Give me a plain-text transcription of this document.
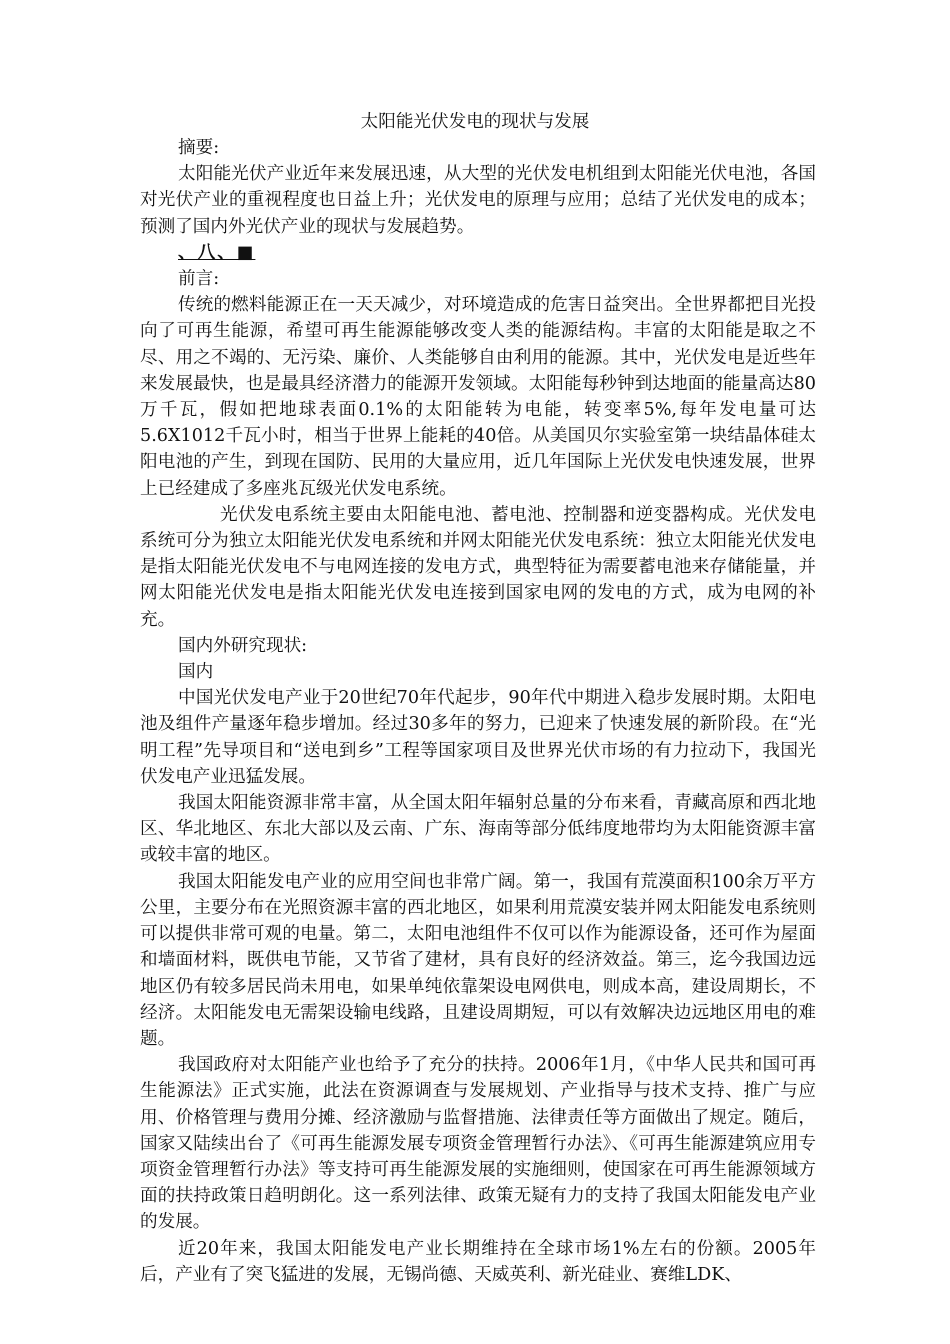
太阳能光伏发电的现状与发展

摘要:

太阳能光伏产业近年来发展迅速，从大型的光伏发电机组到太阳能光伏电池，各国对光伏产业的重视程度也日益上升；光伏发电的原理与应用；总结了光伏发电的成本；预测了国内外光伏产业的现状与发展趋势。

、八、■

前言:

传统的燃料能源正在一天天减少，对环境造成的危害日益突出。全世界都把目光投向了可再生能源，希望可再生能源能够改变人类的能源结构。丰富的太阳能是取之不尽、用之不竭的、无污染、廉价、人类能够自由利用的能源。其中，光伏发电是近些年来发展最快，也是最具经济潜力的能源开发领域。太阳能每秒钟到达地面的能量高达80万千瓦，假如把地球表面0.1%的太阳能转为电能，转变率5%,每年发电量可达5.6X1012千瓦小时，相当于世界上能耗的40倍。从美国贝尔实验室第一块结晶体硅太阳电池的产生，到现在国防、民用的大量应用，近几年国际上光伏发电快速发展，世界上已经建成了多座兆瓦级光伏发电系统。

光伏发电系统主要由太阳能电池、蓄电池、控制器和逆变器构成。光伏发电系统可分为独立太阳能光伏发电系统和并网太阳能光伏发电系统：独立太阳能光伏发电是指太阳能光伏发电不与电网连接的发电方式，典型特征为需要蓄电池来存储能量，并网太阳能光伏发电是指太阳能光伏发电连接到国家电网的发电的方式，成为电网的补充。

国内外研究现状:

国内

中国光伏发电产业于20世纪70年代起步，90年代中期进入稳步发展时期。太阳电池及组件产量逐年稳步增加。经过30多年的努力，已迎来了快速发展的新阶段。在“光明工程”先导项目和“送电到乡”工程等国家项目及世界光伏市场的有力拉动下，我国光伏发电产业迅猛发展。

我国太阳能资源非常丰富，从全国太阳年辐射总量的分布来看，青藏高原和西北地区、华北地区、东北大部以及云南、广东、海南等部分低纬度地带均为太阳能资源丰富或较丰富的地区。

我国太阳能发电产业的应用空间也非常广阔。第一，我国有荒漠面积100余万平方公里，主要分布在光照资源丰富的西北地区，如果利用荒漠安装并网太阳能发电系统则可以提供非常可观的电量。第二，太阳电池组件不仅可以作为能源设备，还可作为屋面和墙面材料，既供电节能，又节省了建材，具有良好的经济效益。第三，迄今我国边远地区仍有较多居民尚未用电，如果单纯依靠架设电网供电，则成本高，建设周期长，不经济。太阳能发电无需架设输电线路，且建设周期短，可以有效解决边远地区用电的难题。

我国政府对太阳能产业也给予了充分的扶持。2006年1月，《中华人民共和国可再生能源法》正式实施，此法在资源调查与发展规划、产业指导与技术支持、推广与应用、价格管理与费用分摊、经济激励与监督措施、法律责任等方面做出了规定。随后，国家又陆续出台了《可再生能源发展专项资金管理暂行办法》、《可再生能源建筑应用专项资金管理暂行办法》等支持可再生能源发展的实施细则，使国家在可再生能源领域方面的扶持政策日趋明朗化。这一系列法律、政策无疑有力的支持了我国太阳能发电产业的发展。

近20年来，我国太阳能发电产业长期维持在全球市场1%左右的份额。2005年后，产业有了突飞猛进的发展，无锡尚德、天威英利、新光硅业、赛维LDK、
